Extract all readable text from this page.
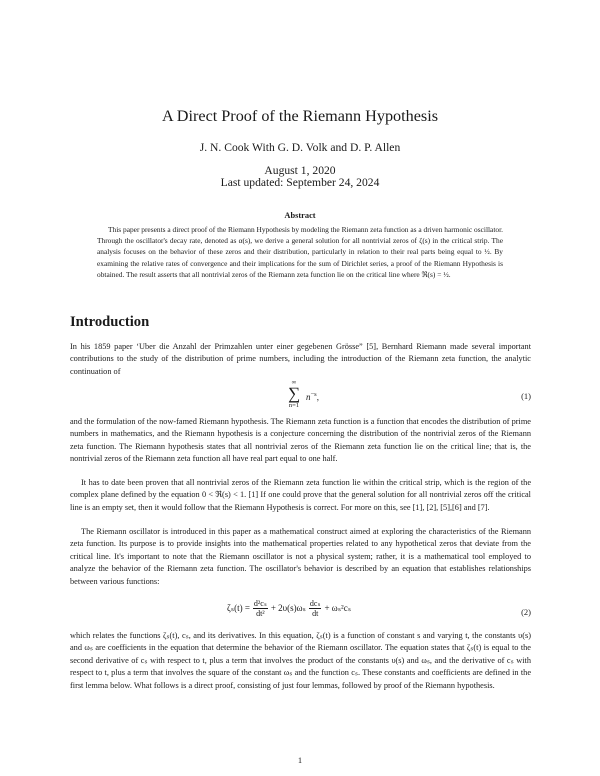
A Direct Proof of the Riemann Hypothesis
J. N. Cook With G. D. Volk and D. P. Allen
August 1, 2020
Last updated: September 24, 2024
Abstract
This paper presents a direct proof of the Riemann Hypothesis by modeling the Riemann zeta function as a driven harmonic oscillator. Through the oscillator's decay rate, denoted as α(s), we derive a general solution for all nontrivial zeros of ζ(s) in the critical strip. The analysis focuses on the behavior of these zeros and their distribution, particularly in relation to their real parts being equal to ½. By examining the relative rates of convergence and their implications for the sum of Dirichlet series, a proof of the Riemann Hypothesis is obtained. The result asserts that all nontrivial zeros of the Riemann zeta function lie on the critical line where ℜ(s) = ½.
Introduction
In his 1859 paper ‘Uber die Anzahl der Primzahlen unter einer gegebenen Grösse” [5], Bernhard Riemann made several important contributions to the study of the distribution of prime numbers, including the introduction of the Riemann zeta function, the analytic continuation of
∞
∑
n=1
$n^{-s}$,	(1)
and the formulation of the now-famed Riemann hypothesis. The Riemann zeta function is a function that encodes the distribution of prime numbers in mathematics, and the Riemann hypothesis is a conjecture concerning the distribution of the nontrivial zeros of the Riemann zeta function. The Riemann hypothesis states that all nontrivial zeros of the Riemann zeta function lie on the critical line; that is, the nontrivial zeros of the Riemann zeta function all have real part equal to one half.
It has to date been proven that all nontrivial zeros of the Riemann zeta function lie within the critical strip, which is the region of the complex plane defined by the equation 0 < ℜ(s) < 1. [1] If one could prove that the general solution for all nontrivial zeros off the critical line is an empty set, then it would follow that the Riemann Hypothesis is correct. For more on this, see [1], [2], [5],[6] and [7].
The Riemann oscillator is introduced in this paper as a mathematical construct aimed at exploring the characteristics of the Riemann zeta function. Its purpose is to provide insights into the mathematical properties related to any hypothetical zeros that deviate from the critical line. It's important to note that the Riemann oscillator is not a physical system; rather, it is a mathematical tool employed to analyze the behavior of the Riemann zeta function. The oscillator's behavior is described by an equation that establishes relationships between various functions:
$\zeta_s(t) = \frac{\text{d²cₛ}}{\text{dt²}} + 2\upsilon(s)\omega_s$ dcₛ
dt
+ ωₛ²cₛ	(2)
which relates the functions ζₛ(t), cₛ, and its derivatives. In this equation, ζₛ(t) is a function of constant s and varying t, the constants υ(s) and ωₛ are coefficients in the equation that determine the behavior of the Riemann oscillator. The equation states that ζₛ(t) is equal to the second derivative of cₛ with respect to t, plus a term that involves the product of the constants υ(s) and ωₛ, and the derivative of cₛ with respect to t, plus a term that involves the square of the constant ωₛ and the function cₛ. These constants and coefficients are defined in the first lemma below. What follows is a direct proof, consisting of just four lemmas, followed by proof of the Riemann hypothesis.
1
